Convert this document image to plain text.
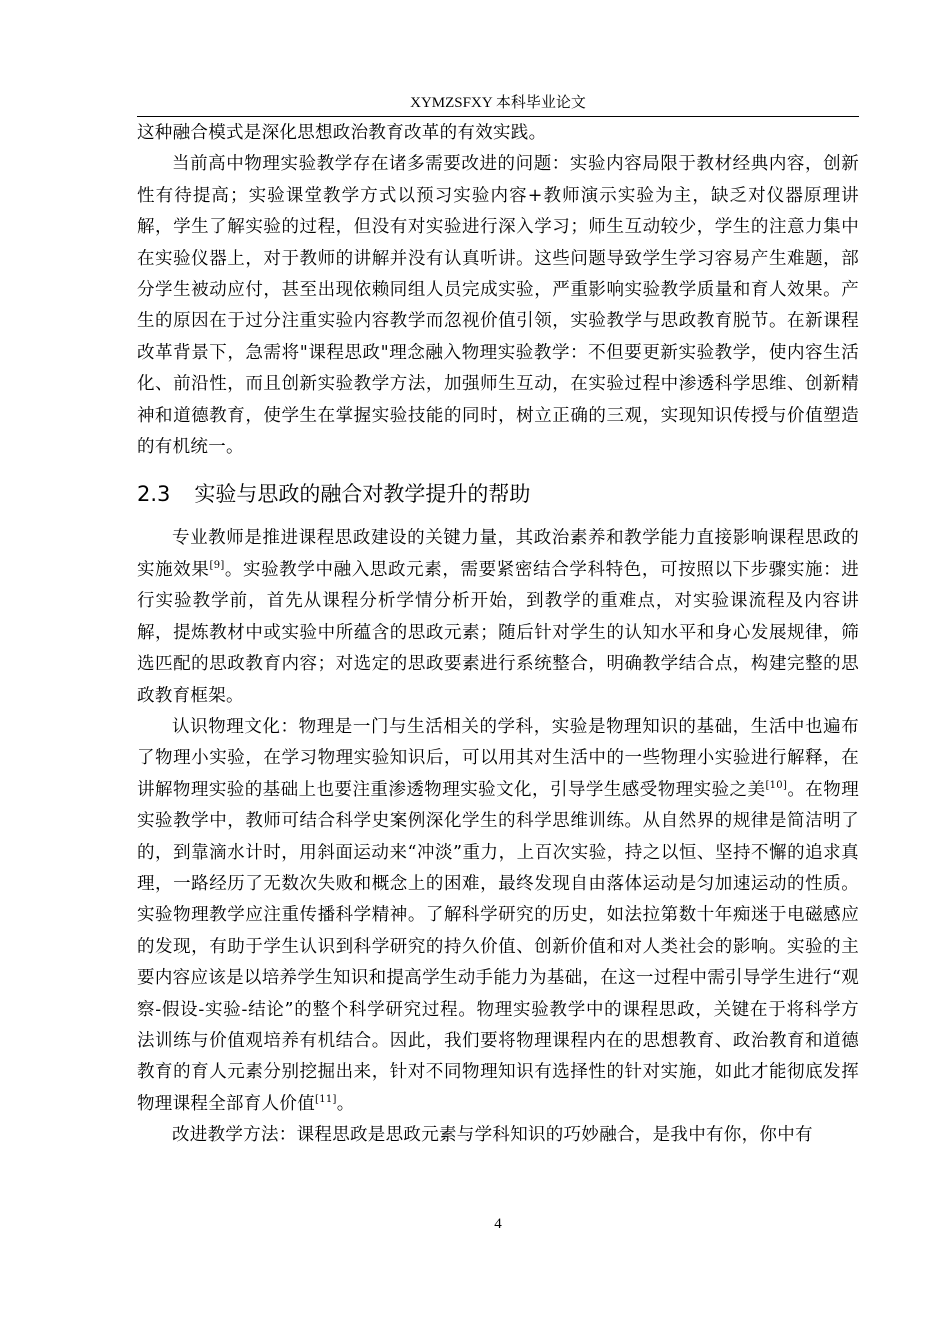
XYMZSFXY 本科毕业论文

这种融合模式是深化思想政治教育改革的有效实践。

当前高中物理实验教学存在诸多需要改进的问题：实验内容局限于教材经典内容，创新性有待提高；实验课堂教学方式以预习实验内容+教师演示实验为主，缺乏对仪器原理讲解，学生了解实验的过程，但没有对实验进行深入学习；师生互动较少，学生的注意力集中在实验仪器上，对于教师的讲解并没有认真听讲。这些问题导致学生学习容易产生难题，部分学生被动应付，甚至出现依赖同组人员完成实验，严重影响实验教学质量和育人效果。产生的原因在于过分注重实验内容教学而忽视价值引领，实验教学与思政教育脱节。在新课程改革背景下，急需将"课程思政"理念融入物理实验教学：不但要更新实验教学，使内容生活化、前沿性，而且创新实验教学方法，加强师生互动，在实验过程中渗透科学思维、创新精神和道德教育，使学生在掌握实验技能的同时，树立正确的三观，实现知识传授与价值塑造的有机统一。

2.3 实验与思政的融合对教学提升的帮助

专业教师是推进课程思政建设的关键力量，其政治素养和教学能力直接影响课程思政的实施效果[9]。实验教学中融入思政元素，需要紧密结合学科特色，可按照以下步骤实施：进行实验教学前，首先从课程分析学情分析开始，到教学的重难点，对实验课流程及内容讲解，提炼教材中或实验中所蕴含的思政元素；随后针对学生的认知水平和身心发展规律，筛选匹配的思政教育内容；对选定的思政要素进行系统整合，明确教学结合点，构建完整的思政教育框架。

认识物理文化：物理是一门与生活相关的学科，实验是物理知识的基础，生活中也遍布了物理小实验，在学习物理实验知识后，可以用其对生活中的一些物理小实验进行解释，在讲解物理实验的基础上也要注重渗透物理实验文化，引导学生感受物理实验之美[10]。在物理实验教学中，教师可结合科学史案例深化学生的科学思维训练。从自然界的规律是简洁明了的，到靠滴水计时，用斜面运动来“冲淡”重力，上百次实验，持之以恒、坚持不懈的追求真理，一路经历了无数次失败和概念上的困难，最终发现自由落体运动是匀加速运动的性质。实验物理教学应注重传播科学精神。了解科学研究的历史，如法拉第数十年痴迷于电磁感应的发现，有助于学生认识到科学研究的持久价值、创新价值和对人类社会的影响。实验的主要内容应该是以培养学生知识和提高学生动手能力为基础，在这一过程中需引导学生进行“观察-假设-实验-结论”的整个科学研究过程。物理实验教学中的课程思政，关键在于将科学方法训练与价值观培养有机结合。因此，我们要将物理课程内在的思想教育、政治教育和道德教育的育人元素分别挖掘出来，针对不同物理知识有选择性的针对实施，如此才能彻底发挥物理课程全部育人价值[11]。

改进教学方法：课程思政是思政元素与学科知识的巧妙融合，是我中有你，你中有

4
